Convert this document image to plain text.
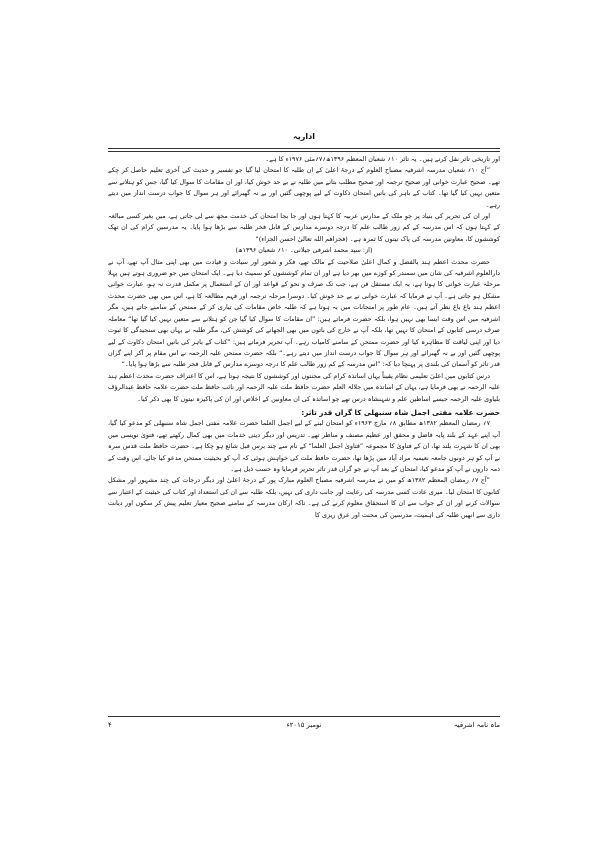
اداریہ

اور تاریخی تاثر نقل کرتے ہیں۔ یہ تاثر ۱۰؍ شعبان المعظم ۱۳۹۶ھ؍۷؍مئی ۱۹۷۶ء کا ہے۔

”آج ۱۰؍ شعبان مدرسہ اشرفیہ مصباح العلوم کے درجۂ اعلیٰ کے ان طلبہ کا امتحان لیا گیا جو تفسیر و حدیث کی آخری تعلیم حاصل کر چکے تھے۔ صحیح عبارت خوانی اور صحیح ترجمہ اور صحیح مطلب بتانے میں طلبہ نے بے حد خوش کیا، اور ان مقامات کا سوال کیا گیا، جس کو ہتلانے سے متعین نہیں کیا گیا تھا۔ کتاب کے باہر کی باتیں امتحان ذکاوت کے لیے پوچھی گئیں اور بے نہ گھبرائے اور ہر سوال کا جواب درست انداز میں دیتے رہے۔

اور ان کی تحریر کی بنیاد پر جو ملک کے مدارس عربیہ کا کہتا ہوں اور جا بجا امتحان کی خدمت مجھ سے لی جاتی ہے، میں بغیر کسی مبالغہ کے کہتا ہوں کہ اس مدرسہ کے کم زور طالب علم کا درجہ دوسرے مدارس کے قابل فخر طلبہ سے بڑھا ہوا پایا۔ یہ مدرسین کرام کی ان تھک کوششوں کا، معاونین مدرسہ کی پاک نیتوں کا ثمرہ ہے۔ (فجزاهم الله تعالىٰ احسن الجزاء)“

(از: سید محمد اشرفی جیلانی۔ ۱۰؍ شعبان ۱۳۹۶ھ)

حضرت محدث اعظم ہند بالفضل و کمال اعلیٰ صلاحیت کے مالک تھے، فکر و شعور اور سیادت و قیادت میں بھی اپنی مثال آپ تھے، آپ نے دارالعلوم اشرفیہ کی شان میں سمندر کو کوزے میں بھر دیا ہے اور ان تمام کوششوں کو سمیٹ دیا ہے۔ ایک امتحان میں جو ضروری ہوتے ہیں پہلا مرحلہ عبارت خوانی کا ہوتا ہے، یہ ایک مستقل فن ہے، جب تک صرف و نحو کے قواعد اور ان کے استعمال پر مکمل قدرت نہ ہو، عبارت خوانی مشکل ہو جاتی ہے۔ آپ نے فرمایا کہ عبارت خوانی نے بے حد خوش کیا۔ دوسرا مرحلہ ترجمہ اور فہم مطالعہ کا ہے، اس میں بھی حضرت محدث اعظم ہند باغ باغ نظر آتے ہیں۔ عام طور پر امتحانات میں یہ ہوتا ہے کہ طلبہ خاص مقامات کی تیاری کر کے ممتحن کے سامنے جاتے ہیں، مگر اشرفیہ میں اس وقت ایسا بھی نہیں ہوا، بلکہ حضرت فرماتے ہیں: ”ان مقامات کا سوال کیا گیا جن کو ہتلانے سے متعین نہیں کیا گیا تھا“ معاملہ صرف درسی کتابوں کے امتحان کا نہیں تھا، بلکہ آپ نے خارج کی باتوں میں بھی الجھانے کی کوشش کی، مگر طلبہ نے یہاں بھی سنجیدگی کا ثبوت دیا اور اپنی لیاقت کا مظاہرہ کیا اور حضرت ممتحن کے سامنے کامیاب رہے۔ آپ تحریر فرماتے ہیں: ”کتاب کے باہر کی باتیں امتحان ذکاوت کے لیے پوچھی گئیں اور بے نہ گھبرائے اور ہر سوال کا جواب درست انداز میں دیتے رہے۔“ بلکہ حضرت ممتحن علیہ الرحمہ نے اس مقام پر آکر اپنے گراں قدر تاثر کو آسمان کی بلندی پر پہنچا دیا کہ: ”اس مدرسہ کے کم زور طالب علم کا درجہ دوسرے مدارس کے قابل فخر طلبہ سے بڑھا ہوا پایا۔“

درس کتابوں میں اعلیٰ تعلیمی نظام یقیناً یہاں اساتذہ کرام کی محنتوں اور کوششوں کا نتیجہ ہوتا ہے، اس کا اعتراف حضرت محدث اعظم ہند علیہ الرحمہ نے بھی فرمایا ہے، یہاں کے اساتذہ میں جلالۃ العلم حضرت حافظ ملت علیہ الرحمہ اور نائب حافظ ملت حضرت علامہ حافظ عبدالرؤف بلیاوی علیہ الرحمہ جیسے اساطین علم و شہنشاہ درس تھے جو اساتذہ کی ان معاونین کے اخلاص اور ان کی پاکیزہ نیتوں کا بھی ذکر کیا۔

حضرت علامہ مفتی اجمل شاہ سنبھلی کا گراں قدر تاثر:

۷؍ رمضان المعظم ۱۳۸۲ھ مطابق ۸؍ مارچ ۱۹۶۳ء کو امتحان لینے کے لیے اجمل العلما حضرت علامہ مفتی اجمل شاہ سنبھلی کو مدعو کیا گیا، آپ اپنے عہد کے بلند پایہ فاضل و محقق اور عظیم مصنف و مناظر تھے۔ تدریس اور دیگر دینی خدمات میں بھی کمال رکھتے تھے، فتویٰ نویسی میں بھی ان کا شہرت بلند تھا، ان کے فتاویٰ کا مجموعہ ”فتاویٰ اجمل العلما“ کے نام سے چند برس قبل شائع ہو چکا ہے۔ حضرت حافظ ملت قدس سرہ نے آپ کو ہر دونوں جامعہ نعیمیہ مراد آباد میں پڑھا تھا، حضرت حافظ ملت کی خواہش ہوئی کہ آپ کو بحیثیت ممتحن مدعو کیا جائے، اس وقت کے ذمہ داروں نے آپ کو مدعو کیا، امتحان کے بعد آپ نے جو گراں قدر تاثر تحریر فرمایا وہ حسب ذیل ہے۔

”آج ۷؍ رمضان المعظم ۱۳۸۲ھ کو میں نے مدرسہ اشرفیہ مصباح العلوم مبارک پور کے درجۂ اعلیٰ اور دیگر درجات کی چند مشہور اور مشکل کتابوں کا امتحان لیا۔ میری عادت کسی مدرسہ کی رعایت اور جانب داری کی نہیں، بلکہ طلبہ سے ان کی استعداد اور کتاب کی حیثیت کے اعتبار سے سوالات کرنے اور ان کے جواب سے ان کا استحقاق معلوم کرنے کی ہے۔ تاکہ ارکان مدرسہ کے سامنے صحیح معیار تعلیم پیش کر سکوں اور دیانت داری سے انھیں طلبہ کی اہمیت، مدرسین کی محنت اور عرق ریزی کا

ماہ نامہ اشرفیہ
نومبر ۲۰۱۵ء
۴
